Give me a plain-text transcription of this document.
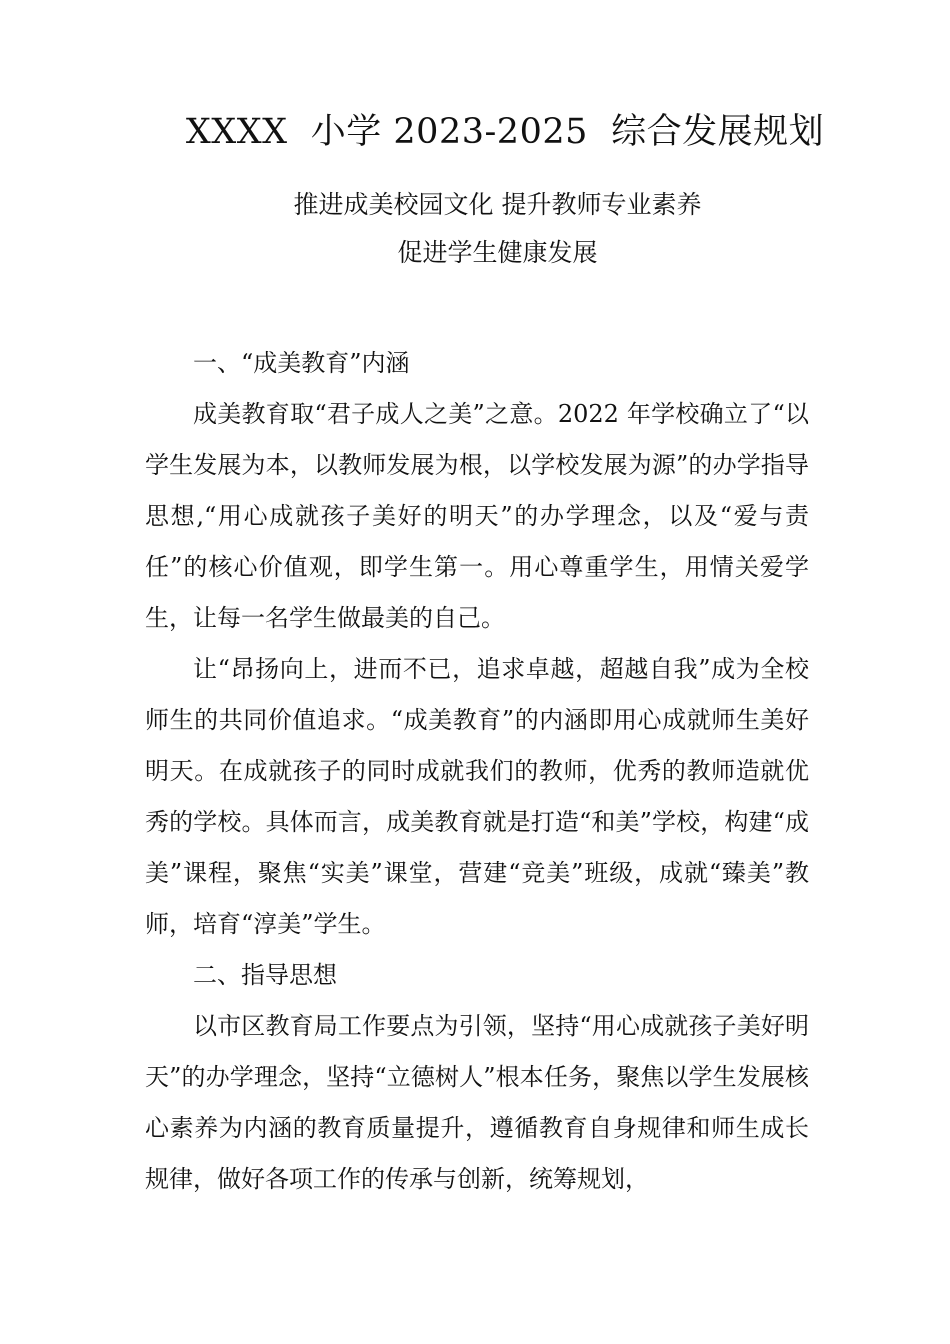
XXXX  小学 2023-2025  综合发展规划
推进成美校园文化 提升教师专业素养
促进学生健康发展

一、“成美教育”内涵

成美教育取“君子成人之美”之意。2022 年学校确立了“以学生发展为本，以教师发展为根，以学校发展为源”的办学指导思想,“用心成就孩子美好的明天”的办学理念，以及“爱与责任”的核心价值观，即学生第一。用心尊重学生，用情关爱学生，让每一名学生做最美的自己。

让“昂扬向上，进而不已，追求卓越，超越自我”成为全校师生的共同价值追求。“成美教育”的内涵即用心成就师生美好明天。在成就孩子的同时成就我们的教师，优秀的教师造就优秀的学校。具体而言，成美教育就是打造“和美”学校，构建“成美”课程，聚焦“实美”课堂，营建“竞美”班级，成就“臻美”教师，培育“淳美”学生。

二、指导思想

以市区教育局工作要点为引领，坚持“用心成就孩子美好明天”的办学理念，坚持“立德树人”根本任务，聚焦以学生发展核心素养为内涵的教育质量提升，遵循教育自身规律和师生成长规律，做好各项工作的传承与创新，统筹规划，
